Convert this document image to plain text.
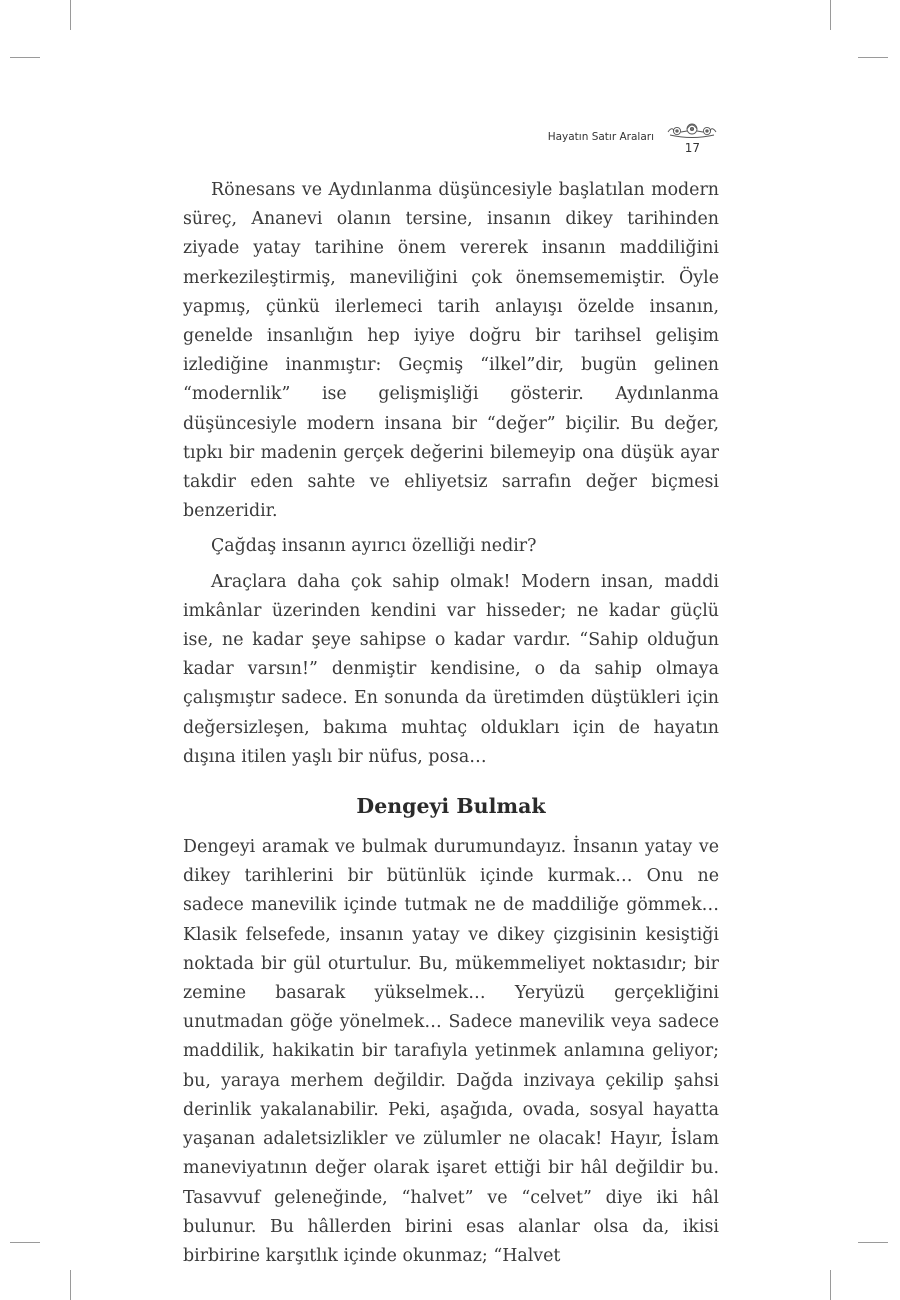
Hayatın Satır Araları
17

Rönesans ve Aydınlanma düşüncesiyle başlatılan modern süreç, Ananevi olanın tersine, insanın dikey tarihinden ziyade yatay tarihine önem vererek insanın maddiliğini merkezileştirmiş, maneviliğini çok önemsememiştir. Öyle yapmış, çünkü ilerlemeci tarih anlayışı özelde insanın, genelde insanlığın hep iyiye doğru bir tarihsel gelişim izlediğine inanmıştır: Geçmiş “ilkel”dir, bugün gelinen “modernlik” ise gelişmişliği gösterir. Aydınlanma düşüncesiyle modern insana bir “değer” biçilir. Bu değer, tıpkı bir madenin gerçek değerini bilemeyip ona düşük ayar takdir eden sahte ve ehliyetsiz sarrafın değer biçmesi benzeridir.

Çağdaş insanın ayırıcı özelliği nedir?

Araçlara daha çok sahip olmak! Modern insan, maddi imkânlar üzerinden kendini var hisseder; ne kadar güçlü ise, ne kadar şeye sahipse o kadar vardır. “Sahip olduğun kadar varsın!” denmiştir kendisine, o da sahip olmaya çalışmıştır sadece. En sonunda da üretimden düştükleri için değersizleşen, bakıma muhtaç oldukları için de hayatın dışına itilen yaşlı bir nüfus, posa…

Dengeyi Bulmak

Dengeyi aramak ve bulmak durumundayız. İnsanın yatay ve dikey tarihlerini bir bütünlük içinde kurmak… Onu ne sadece manevilik içinde tutmak ne de maddiliğe gömmek… Klasik felsefede, insanın yatay ve dikey çizgisinin kesiştiği noktada bir gül oturtulur. Bu, mükemmeliyet noktasıdır; bir zemine basarak yükselmek… Yeryüzü gerçekliğini unutmadan göğe yönelmek… Sadece manevilik veya sadece maddilik, hakikatin bir tarafıyla yetinmek anlamına geliyor; bu, yaraya merhem değildir. Dağda inzivaya çekilip şahsi derinlik yakalanabilir. Peki, aşağıda, ovada, sosyal hayatta yaşanan adaletsizlikler ve zülumler ne olacak! Hayır, İslam maneviyatının değer olarak işaret ettiği bir hâl değildir bu. Tasavvuf geleneğinde, “halvet” ve “celvet” diye iki hâl bulunur. Bu hâllerden birini esas alanlar olsa da, ikisi birbirine karşıtlık içinde okunmaz; “Halvet
